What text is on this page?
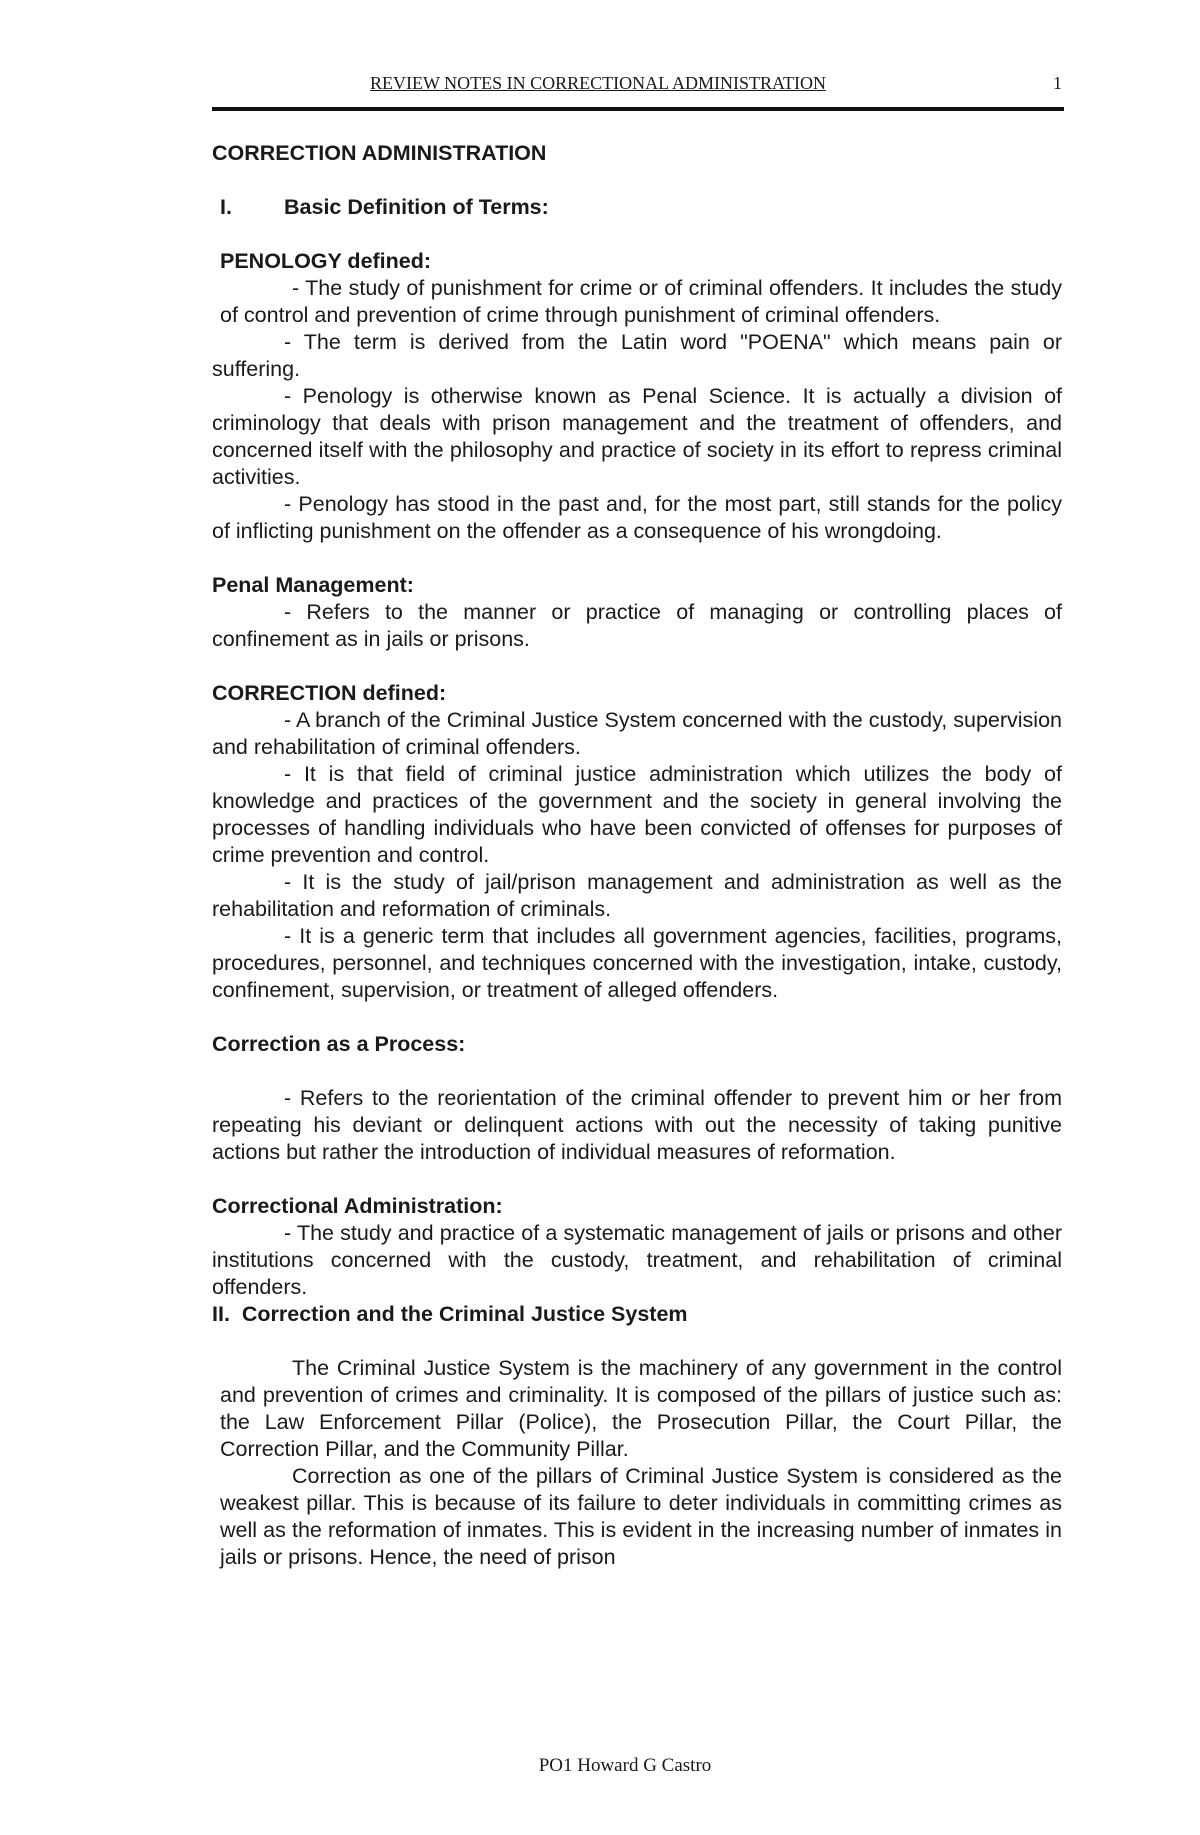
REVIEW NOTES IN CORRECTIONAL ADMINISTRATION	1

CORRECTION ADMINISTRATION

I.	Basic Definition of Terms:

PENOLOGY defined:

- The study of punishment for crime or of criminal offenders. It includes the study of control and prevention of crime through punishment of criminal offenders.

- The term is derived from the Latin word "POENA" which means pain or suffering.

- Penology is otherwise known as Penal Science. It is actually a division of criminology that deals with prison management and the treatment of offenders, and concerned itself with the philosophy and practice of society in its effort to repress criminal activities.

- Penology has stood in the past and, for the most part, still stands for the policy of inflicting punishment on the offender as a consequence of his wrongdoing.

Penal Management:

- Refers to the manner or practice of managing or controlling places of confinement as in jails or prisons.

CORRECTION defined:

- A branch of the Criminal Justice System concerned with the custody, supervision and rehabilitation of criminal offenders.

- It is that field of criminal justice administration which utilizes the body of knowledge and practices of the government and the society in general involving the processes of handling individuals who have been convicted of offenses for purposes of crime prevention and control.

- It is the study of jail/prison management and administration as well as the rehabilitation and reformation of criminals.

- It is a generic term that includes all government agencies, facilities, programs, procedures, personnel, and techniques concerned with the investigation, intake, custody, confinement, supervision, or treatment of alleged offenders.

Correction as a Process:

- Refers to the reorientation of the criminal offender to prevent him or her from repeating his deviant or delinquent actions with out the necessity of taking punitive actions but rather the introduction of individual measures of reformation.

Correctional Administration:

- The study and practice of a systematic management of jails or prisons and other institutions concerned with the custody, treatment, and rehabilitation of criminal offenders.

II.  Correction and the Criminal Justice System

The Criminal Justice System is the machinery of any government in the control and prevention of crimes and criminality. It is composed of the pillars of justice such as: the Law Enforcement Pillar (Police), the Prosecution Pillar, the Court Pillar, the Correction Pillar, and the Community Pillar.

Correction as one of the pillars of Criminal Justice System is considered as the weakest pillar. This is because of its failure to deter individuals in committing crimes as well as the reformation of inmates. This is evident in the increasing number of inmates in jails or prisons. Hence, the need of prison

PO1 Howard G Castro
